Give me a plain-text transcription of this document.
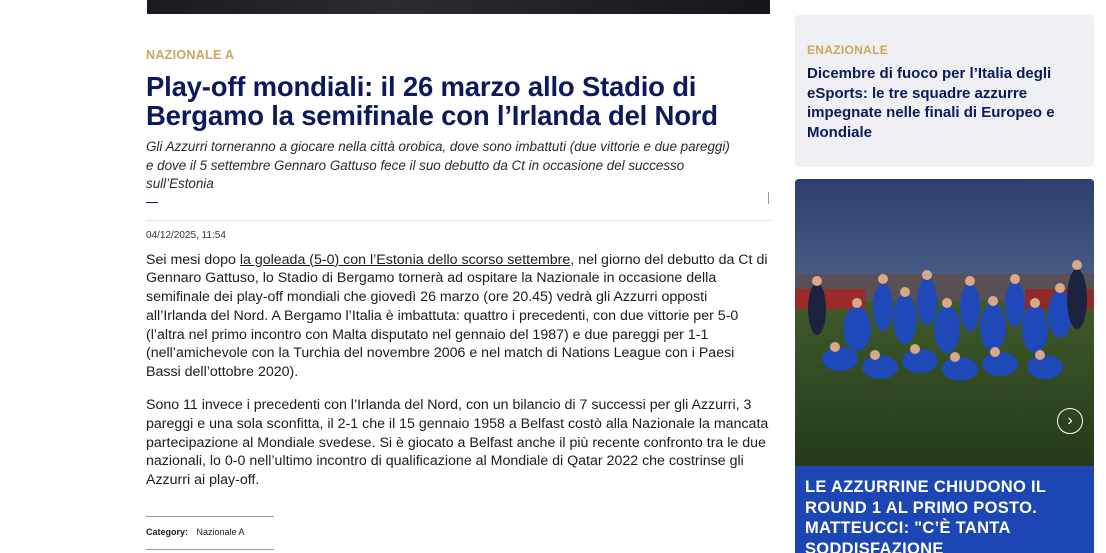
NAZIONALE A
Play-off mondiali: il 26 marzo allo Stadio di Bergamo la semifinale con l’Irlanda del Nord
Gli Azzurri torneranno a giocare nella città orobica, dove sono imbattuti (due vittorie e due pareggi) e dove il 5 settembre Gennaro Gattuso fece il suo debutto da Ct in occasione del successo sull’Estonia
04/12/2025, 11:54

Sei mesi dopo la goleada (5-0) con l’Estonia dello scorso settembre, nel giorno del debutto da Ct di Gennaro Gattuso, lo Stadio di Bergamo tornerà ad ospitare la Nazionale in occasione della semifinale dei play-off mondiali che giovedì 26 marzo (ore 20.45) vedrà gli Azzurri opposti all’Irlanda del Nord. A Bergamo l’Italia è imbattuta: quattro i precedenti, con due vittorie per 5-0 (l’altra nel primo incontro con Malta disputato nel gennaio del 1987) e due pareggi per 1-1 (nell’amichevole con la Turchia del novembre 2006 e nel match di Nations League con i Paesi Bassi dell’ottobre 2020).

Sono 11 invece i precedenti con l’Irlanda del Nord, con un bilancio di 7 successi per gli Azzurri, 3 pareggi e una sola sconfitta, il 2-1 che il 15 gennaio 1958 a Belfast costò alla Nazionale la mancata partecipazione al Mondiale svedese. Si è giocato a Belfast anche il più recente confronto tra le due nazionali, lo 0-0 nell’ultimo incontro di qualificazione al Mondiale di Qatar 2022 che costrinse gli Azzurri ai play-off.

Category: Nazionale A
ENAZIONALE
Dicembre di fuoco per l’Italia degli eSports: le tre squadre azzurre impegnate nelle finali di Europeo e Mondiale
LE AZZURRINE CHIUDONO IL ROUND 1 AL PRIMO POSTO. MATTEUCCI: "C’È TANTA SODDISFAZIONE
›
